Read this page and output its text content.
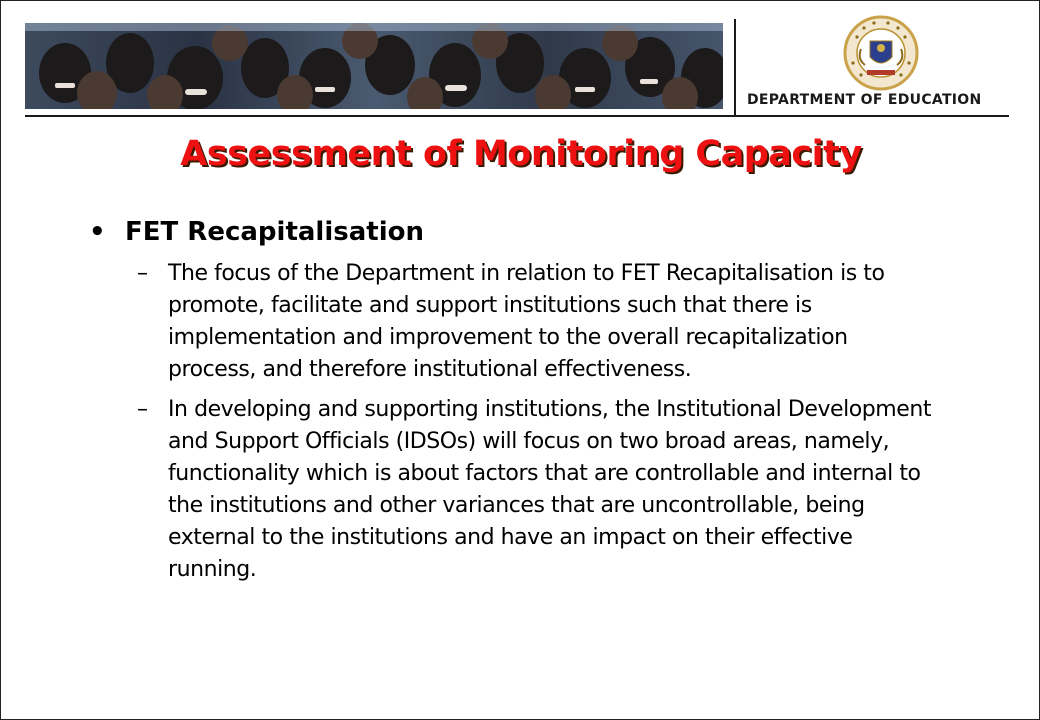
DEPARTMENT OF EDUCATION
Assessment of Monitoring Capacity
• FET Recapitalisation
– The focus of the Department in relation to FET Recapitalisation is to promote, facilitate and support institutions such that there is implementation and improvement to the overall recapitalization process, and therefore institutional effectiveness.
– In developing and supporting institutions, the Institutional Development and Support Officials (IDSOs) will focus on two broad areas, namely, functionality which is about factors that are controllable and internal to the institutions and other variances that are uncontrollable, being external to the institutions and have an impact on their effective running.
